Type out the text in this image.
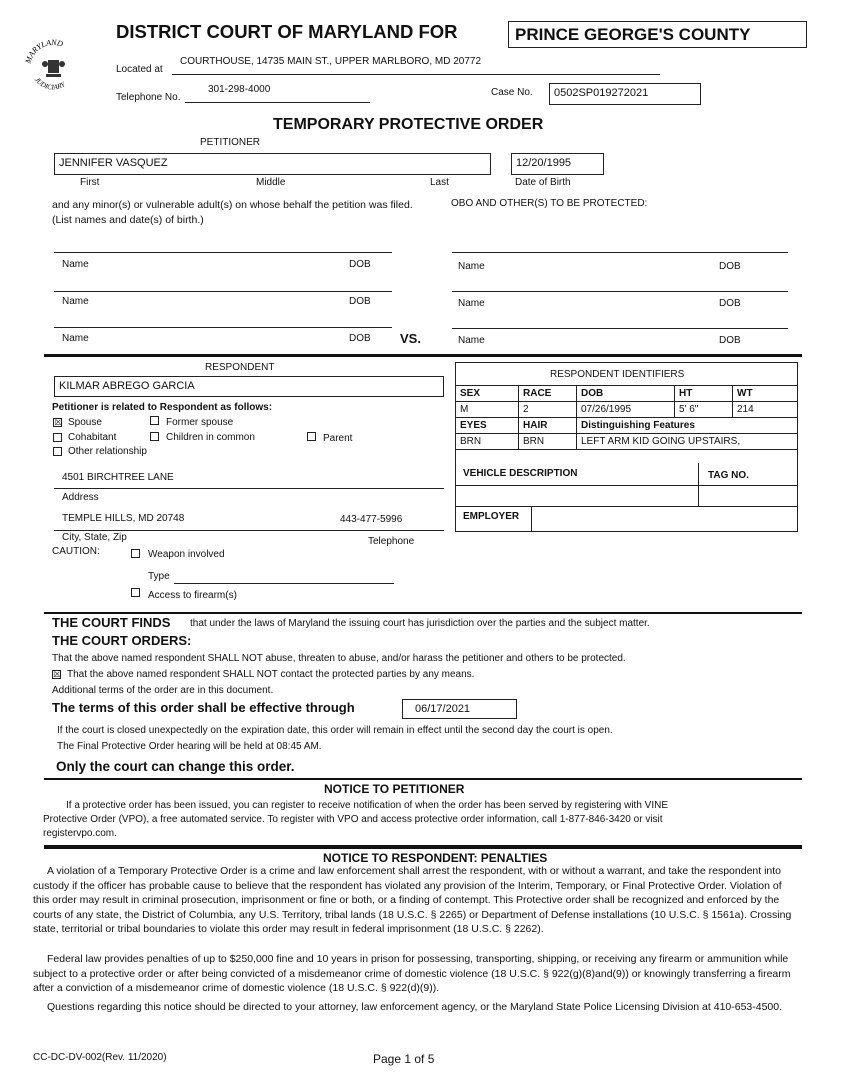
MARYLAND
JUDICIARY
DISTRICT COURT OF MARYLAND FOR	PRINCE GEORGE'S COUNTY
Located at
COURTHOUSE, 14735 MAIN ST., UPPER MARLBORO, MD 20772
Telephone No.
301-298-4000	Case No.	0502SP019272021
TEMPORARY PROTECTIVE ORDER
PETITIONER
JENNIFER VASQUEZ	12/20/1995
First	Middle	Last	Date of Birth
and any minor(s) or vulnerable adult(s) on whose behalf the petition was filed. (List names and date(s) of birth.)
OBO AND OTHER(S) TO BE PROTECTED:
Name	DOB	Name	DOB
Name	DOB	Name	DOB
Name	DOB VS.	Name	DOB
RESPONDENT
KILMAR ABREGO GARCIA
Petitioner is related to Respondent as follows:
☒ Spouse	Former spouse
Cohabitant	Children in common	Parent
Other relationship
4501 BIRCHTREE LANE
Address
TEMPLE HILLS, MD 20748	443-477-5996
City, State, Zip	Telephone
CAUTION:	Weapon involved
Type
Access to firearm(s)
RESPONDENT IDENTIFIERS
SEX	RACE	DOB	HT	WT
M	2	07/26/1995	5' 6"	214
EYES	HAIR	Distinguishing Features		
BRN	BRN	LEFT ARM KID GOING UPSTAIRS,		
VEHICLE DESCRIPTION	TAG NO.
EMPLOYER
THE COURT FINDS that under the laws of Maryland the issuing court has jurisdiction over the parties and the subject matter.
THE COURT ORDERS:
That the above named respondent SHALL NOT abuse, threaten to abuse, and/or harass the petitioner and others to be protected.
☒ That the above named respondent SHALL NOT contact the protected parties by any means.
Additional terms of the order are in this document.
The terms of this order shall be effective through	06/17/2021
If the court is closed unexpectedly on the expiration date, this order will remain in effect until the second day the court is open.
The Final Protective Order hearing will be held at 08:45 AM.
Only the court can change this order.
NOTICE TO PETITIONER
If a protective order has been issued, you can register to receive notification of when the order has been served by registering with VINE
Protective Order (VPO), a free automated service. To register with VPO and access protective order information, call 1-877-846-3420 or visit
registervpo.com.
NOTICE TO RESPONDENT: PENALTIES
A violation of a Temporary Protective Order is a crime and law enforcement shall arrest the respondent, with or without a warrant, and take the respondent into custody if the officer has probable cause to believe that the respondent has violated any provision of the Interim, Temporary, or Final Protective Order. Violation of this order may result in criminal prosecution, imprisonment or fine or both, or a finding of contempt. This Protective order shall be recognized and enforced by the courts of any state, the District of Columbia, any U.S. Territory, tribal lands (18 U.S.C. § 2265) or Department of Defense installations (10 U.S.C. § 1561a). Crossing state, territorial or tribal boundaries to violate this order may result in federal imprisonment (18 U.S.C. § 2262).
Federal law provides penalties of up to $250,000 fine and 10 years in prison for possessing, transporting, shipping, or receiving any firearm or ammunition while subject to a protective order or after being convicted of a misdemeanor crime of domestic violence (18 U.S.C. § 922(g)(8)and(9)) or knowingly transferring a firearm after a conviction of a misdemeanor crime of domestic violence (18 U.S.C. § 922(d)(9)).
Questions regarding this notice should be directed to your attorney, law enforcement agency, or the Maryland State Police Licensing Division at 410-653-4500.
CC-DC-DV-002(Rev. 11/2020)	Page 1 of 5
